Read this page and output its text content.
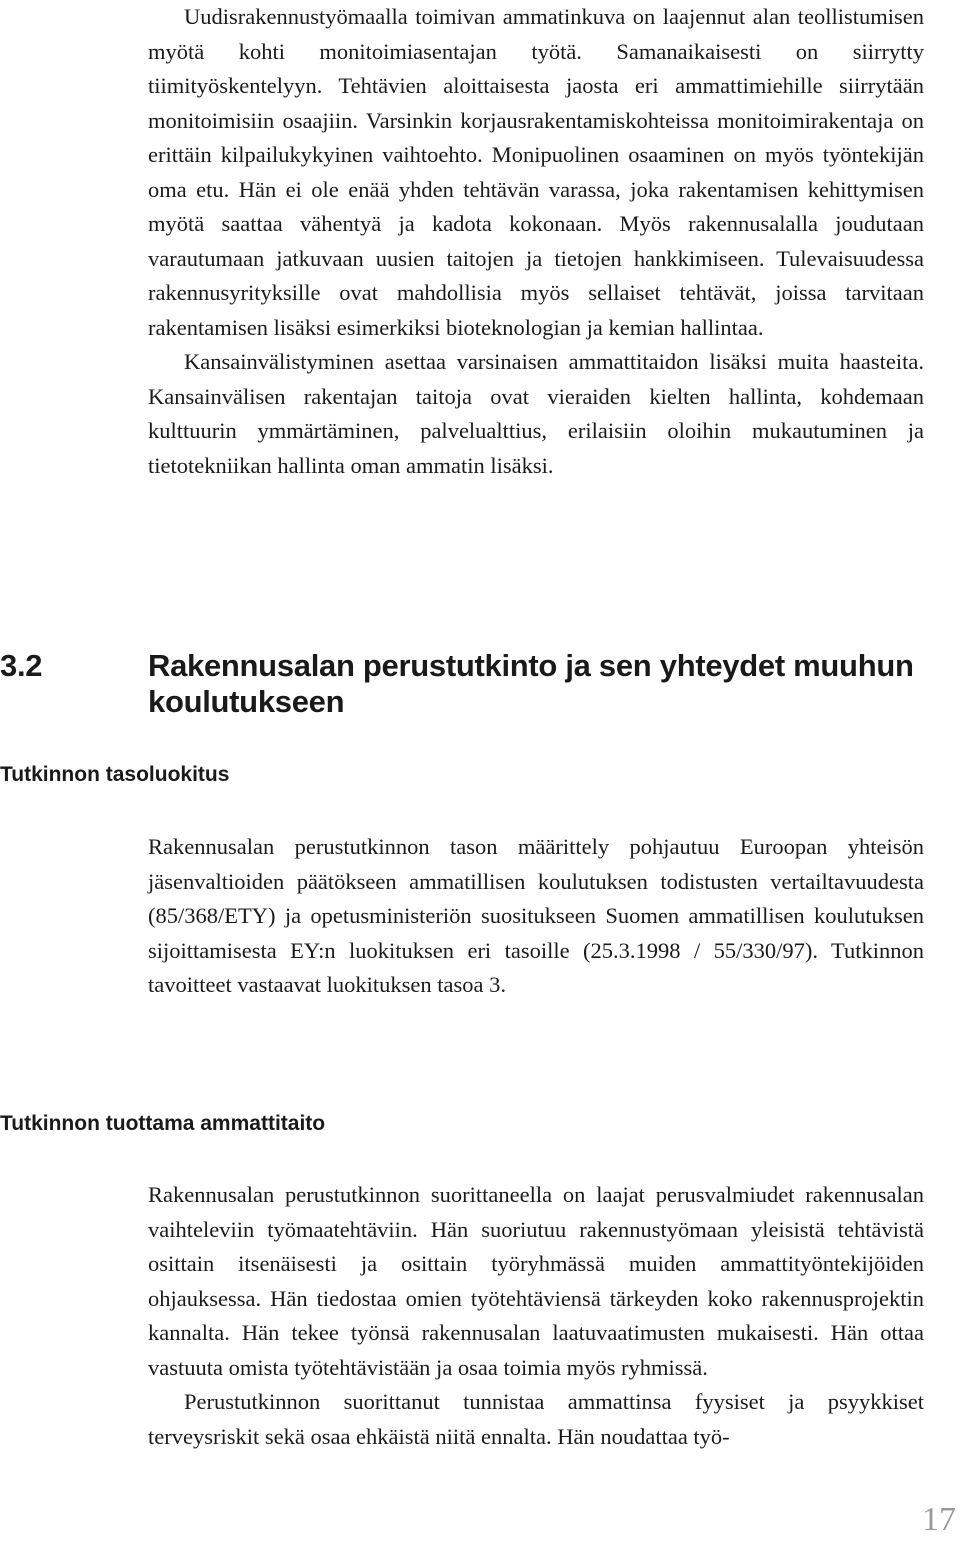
Uudisrakennustyömaalla toimivan ammatinkuva on laajennut alan teollistumisen myötä kohti monitoimiasentajan työtä. Samanaikaisesti on siirrytty tiimityöskentelyyn. Tehtävien aloittaisesta jaosta eri ammattimiehille siirrytään monitoimisiin osaajiin. Varsinkin korjausrakentamiskohteissa monitoimirakentaja on erittäin kilpailukykyinen vaihtoehto. Monipuolinen osaaminen on myös työntekijän oma etu. Hän ei ole enää yhden tehtävän varassa, joka rakentamisen kehittymisen myötä saattaa vähentyä ja kadota kokonaan. Myös rakennusalalla joudutaan varautumaan jatkuvaan uusien taitojen ja tietojen hankkimiseen. Tulevaisuudessa rakennusyrityksille ovat mahdollisia myös sellaiset tehtävät, joissa tarvitaan rakentamisen lisäksi esimerkiksi bioteknologian ja kemian hallintaa.

Kansainvälistyminen asettaa varsinaisen ammattitaidon lisäksi muita haasteita. Kansainvälisen rakentajan taitoja ovat vieraiden kielten hallinta, kohdemaan kulttuurin ymmärtäminen, palvelualttius, erilaisiin oloihin mukautuminen ja tietotekniikan hallinta oman ammatin lisäksi.

3.2	Rakennusalan perustutkinto ja sen yhteydet muuhun koulutukseen
Tutkinnon tasoluokitus

Rakennusalan perustutkinnon tason määrittely pohjautuu Euroopan yhteisön jäsenvaltioiden päätökseen ammatillisen koulutuksen todistusten vertailtavuudesta (85/368/ETY) ja opetusministeriön suositukseen Suomen ammatillisen koulutuksen sijoittamisesta EY:n luokituksen eri tasoille (25.3.1998 / 55/330/97). Tutkinnon tavoitteet vastaavat luokituksen tasoa 3.

Tutkinnon tuottama ammattitaito

Rakennusalan perustutkinnon suorittaneella on laajat perusvalmiudet rakennusalan vaihteleviin työmaatehtäviin. Hän suoriutuu rakennustyömaan yleisistä tehtävistä osittain itsenäisesti ja osittain työryhmässä muiden ammattityöntekijöiden ohjauksessa. Hän tiedostaa omien työtehtäviensä tärkeyden koko rakennusprojektin kannalta. Hän tekee työnsä rakennusalan laatuvaatimusten mukaisesti. Hän ottaa vastuuta omista työtehtävistään ja osaa toimia myös ryhmissä.

Perustutkinnon suorittanut tunnistaa ammattinsa fyysiset ja psyykkiset terveysriskit sekä osaa ehkäistä niitä ennalta. Hän noudattaa työ-

17
